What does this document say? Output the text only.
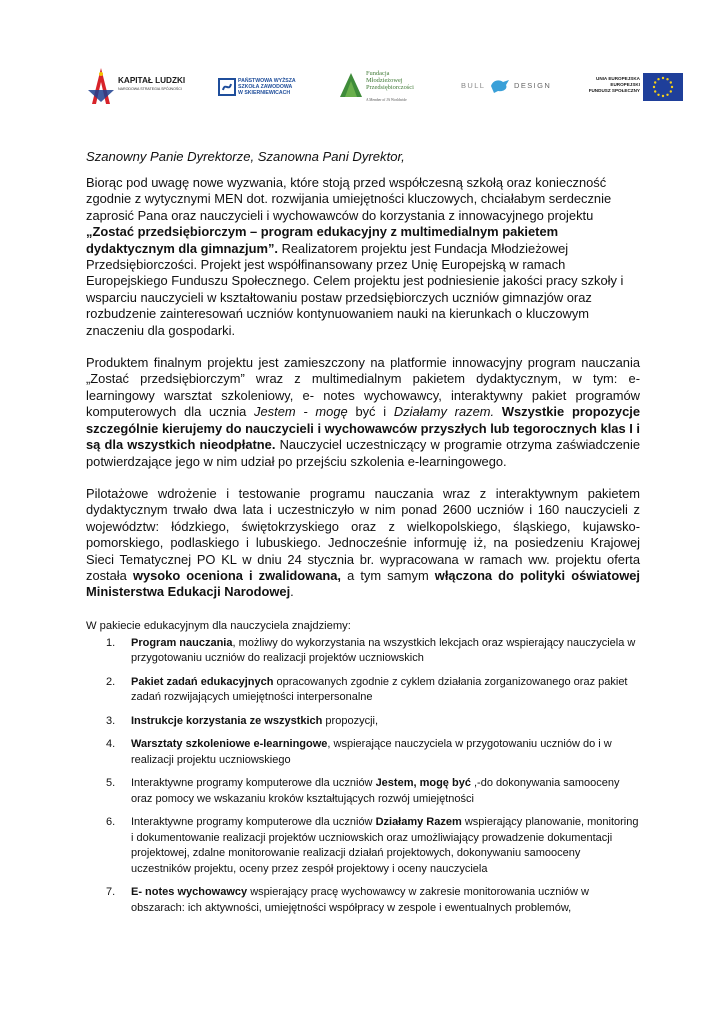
KAPITAŁ LUDZKI
NARODOWA STRATEGIA SPÓJNOŚCI
PAŃSTWOWA WYŻSZA
SZKOŁA ZAWODOWA
W SKIERNIEWICACH
Fundacja
Młodzieżowej
Przedsiębiorczości
A Member of JA Worldwide
BULL	DESIGN
UNIA EUROPEJSKA
EUROPEJSKI
FUNDUSZ SPOŁECZNY

Szanowny Panie Dyrektorze, Szanowna Pani Dyrektor,

Biorąc pod uwagę nowe wyzwania, które stoją przed współczesną szkołą oraz konieczność zgodnie z wytycznymi MEN dot. rozwijania umiejętności kluczowych, chciałabym serdecznie zaprosić Pana oraz nauczycieli i wychowawców do korzystania z innowacyjnego projektu „Zostać przedsiębiorczym – program edukacyjny z multimedialnym pakietem dydaktycznym dla gimnazjum”. Realizatorem projektu jest Fundacja Młodzieżowej Przedsiębiorczości. Projekt jest współfinansowany przez Unię Europejską w ramach Europejskiego Funduszu Społecznego. Celem projektu jest podniesienie jakości pracy szkoły i wsparciu nauczycieli w kształtowaniu postaw przedsiębiorczych uczniów gimnazjów oraz rozbudzenie zainteresowań uczniów kontynuowaniem nauki na kierunkach o kluczowym znaczeniu dla gospodarki.

Produktem finalnym projektu jest zamieszczony na platformie innowacyjny program nauczania „Zostać przedsiębiorczym” wraz z multimedialnym pakietem dydaktycznym, w tym: e-learningowy warsztat szkoleniowy, e- notes wychowawcy, interaktywny pakiet programów komputerowych dla ucznia Jestem - mogę być i Działamy razem. Wszystkie propozycje szczególnie kierujemy do nauczycieli i wychowawców przyszłych lub tegorocznych klas I i są dla wszystkich nieodpłatne. Nauczyciel uczestniczący w programie otrzyma zaświadczenie potwierdzające jego w nim udział po przejściu szkolenia e-learningowego.

Pilotażowe wdrożenie i testowanie programu nauczania wraz z interaktywnym pakietem dydaktycznym trwało dwa lata i uczestniczyło w nim ponad 2600 uczniów i 160 nauczycieli z województw: łódzkiego, świętokrzyskiego oraz z wielkopolskiego, śląskiego, kujawsko-pomorskiego, podlaskiego i lubuskiego. Jednocześnie informuję iż, na posiedzeniu Krajowej Sieci Tematycznej PO KL w dniu 24 stycznia br. wypracowana w ramach ww. projektu oferta została wysoko oceniona i zwalidowana, a tym samym włączona do polityki oświatowej Ministerstwa Edukacji Narodowej.

W pakiecie edukacyjnym dla nauczyciela znajdziemy:

1. Program nauczania, możliwy do wykorzystania na wszystkich lekcjach oraz wspierający nauczyciela w przygotowaniu uczniów do realizacji projektów uczniowskich
2. Pakiet zadań edukacyjnych opracowanych zgodnie z cyklem działania zorganizowanego oraz pakiet zadań rozwijających umiejętności interpersonalne
3. Instrukcje korzystania ze wszystkich propozycji,
4. Warsztaty szkoleniowe e-learningowe, wspierające nauczyciela w przygotowaniu uczniów do i w realizacji projektu uczniowskiego
5. Interaktywne programy komputerowe dla uczniów Jestem, mogę być ,-do dokonywania samooceny oraz pomocy we wskazaniu kroków kształtujących rozwój umiejętności
6. Interaktywne programy komputerowe dla uczniów Działamy Razem wspierający planowanie, monitoring i dokumentowanie realizacji projektów uczniowskich oraz umożliwiający prowadzenie dokumentacji projektowej, zdalne monitorowanie realizacji działań projektowych, dokonywaniu samooceny uczestników projektu, oceny przez zespół projektowy i oceny nauczyciela
7. E- notes wychowawcy wspierający pracę wychowawcy w zakresie monitorowania uczniów w obszarach: ich aktywności, umiejętności współpracy w zespole i ewentualnych problemów,
